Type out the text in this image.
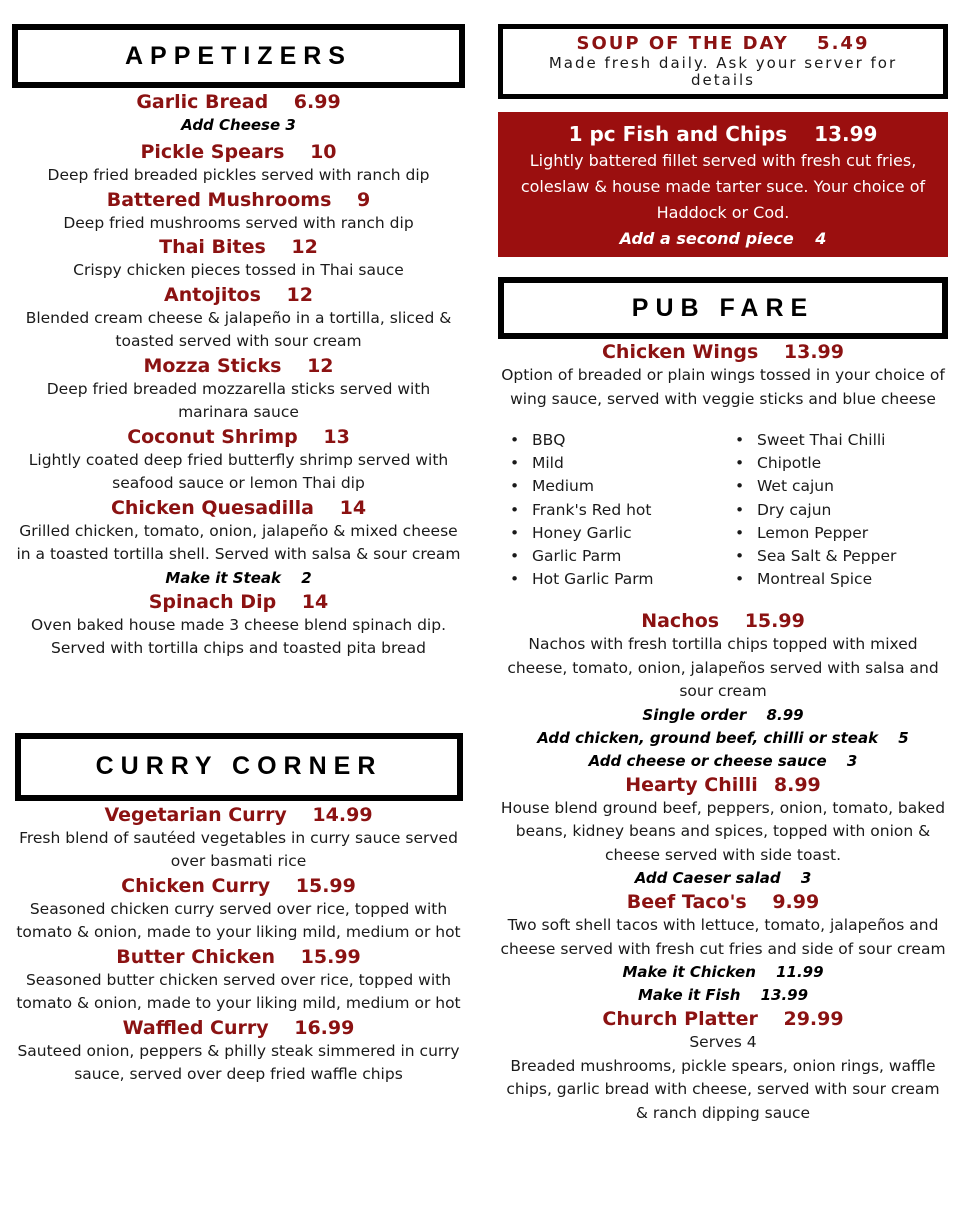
APPETIZERS
Garlic Bread  6.99
Add Cheese 3
Pickle Spears  10
Deep fried breaded pickles served with ranch dip
Battered Mushrooms  9
Deep fried mushrooms served with ranch dip
Thai Bites  12
Crispy chicken pieces tossed in Thai sauce
Antojitos  12
Blended cream cheese & jalapeño in a tortilla, sliced & toasted served with sour cream
Mozza Sticks  12
Deep fried breaded mozzarella sticks served with marinara sauce
Coconut Shrimp  13
Lightly coated deep fried butterfly shrimp served with seafood sauce or lemon Thai dip
Chicken Quesadilla  14
Grilled chicken, tomato, onion, jalapeño & mixed cheese in a toasted tortilla shell. Served with salsa & sour cream
Make it Steak  2
Spinach Dip  14
Oven baked house made 3 cheese blend spinach dip. Served with tortilla chips and toasted pita bread
CURRY CORNER
Vegetarian Curry  14.99
Fresh blend of sautéed vegetables in curry sauce served over basmati rice
Chicken Curry  15.99
Seasoned chicken curry served over rice, topped with tomato & onion, made to your liking mild, medium or hot
Butter Chicken  15.99
Seasoned butter chicken served over rice, topped with tomato & onion, made to your liking mild, medium or hot
Waffled Curry  16.99
Sauteed onion, peppers & philly steak simmered in curry sauce, served over deep fried waffle chips
SOUP OF THE DAY  5.49
Made fresh daily. Ask your server for details
1 pc Fish and Chips  13.99
Lightly battered fillet served with fresh cut fries, coleslaw & house made tarter suce. Your choice of Haddock or Cod.
Add a second piece  4
PUB FARE
Chicken Wings  13.99
Option of breaded or plain wings tossed in your choice of wing sauce, served with veggie sticks and blue cheese
• BBQ
• Mild
• Medium
• Frank's Red hot
• Honey Garlic
• Garlic Parm
• Hot Garlic Parm
• Sweet Thai Chilli
• Chipotle
• Wet cajun
• Dry cajun
• Lemon Pepper
• Sea Salt & Pepper
• Montreal Spice
Nachos  15.99
Nachos with fresh tortilla chips topped with mixed cheese, tomato, onion, jalapeños served with salsa and sour cream
Single order  8.99
Add chicken, ground beef, chilli or steak  5
Add cheese or cheese sauce  3
Hearty Chilli  8.99
House blend ground beef, peppers, onion, tomato, baked beans, kidney beans and spices, topped with onion & cheese served with side toast.
Add Caeser salad  3
Beef Taco's  9.99
Two soft shell tacos with lettuce, tomato, jalapeños and cheese served with fresh cut fries and side of sour cream
Make it Chicken  11.99
Make it Fish  13.99
Church Platter  29.99
Serves 4
Breaded mushrooms, pickle spears, onion rings, waffle chips, garlic bread with cheese, served with sour cream & ranch dipping sauce
